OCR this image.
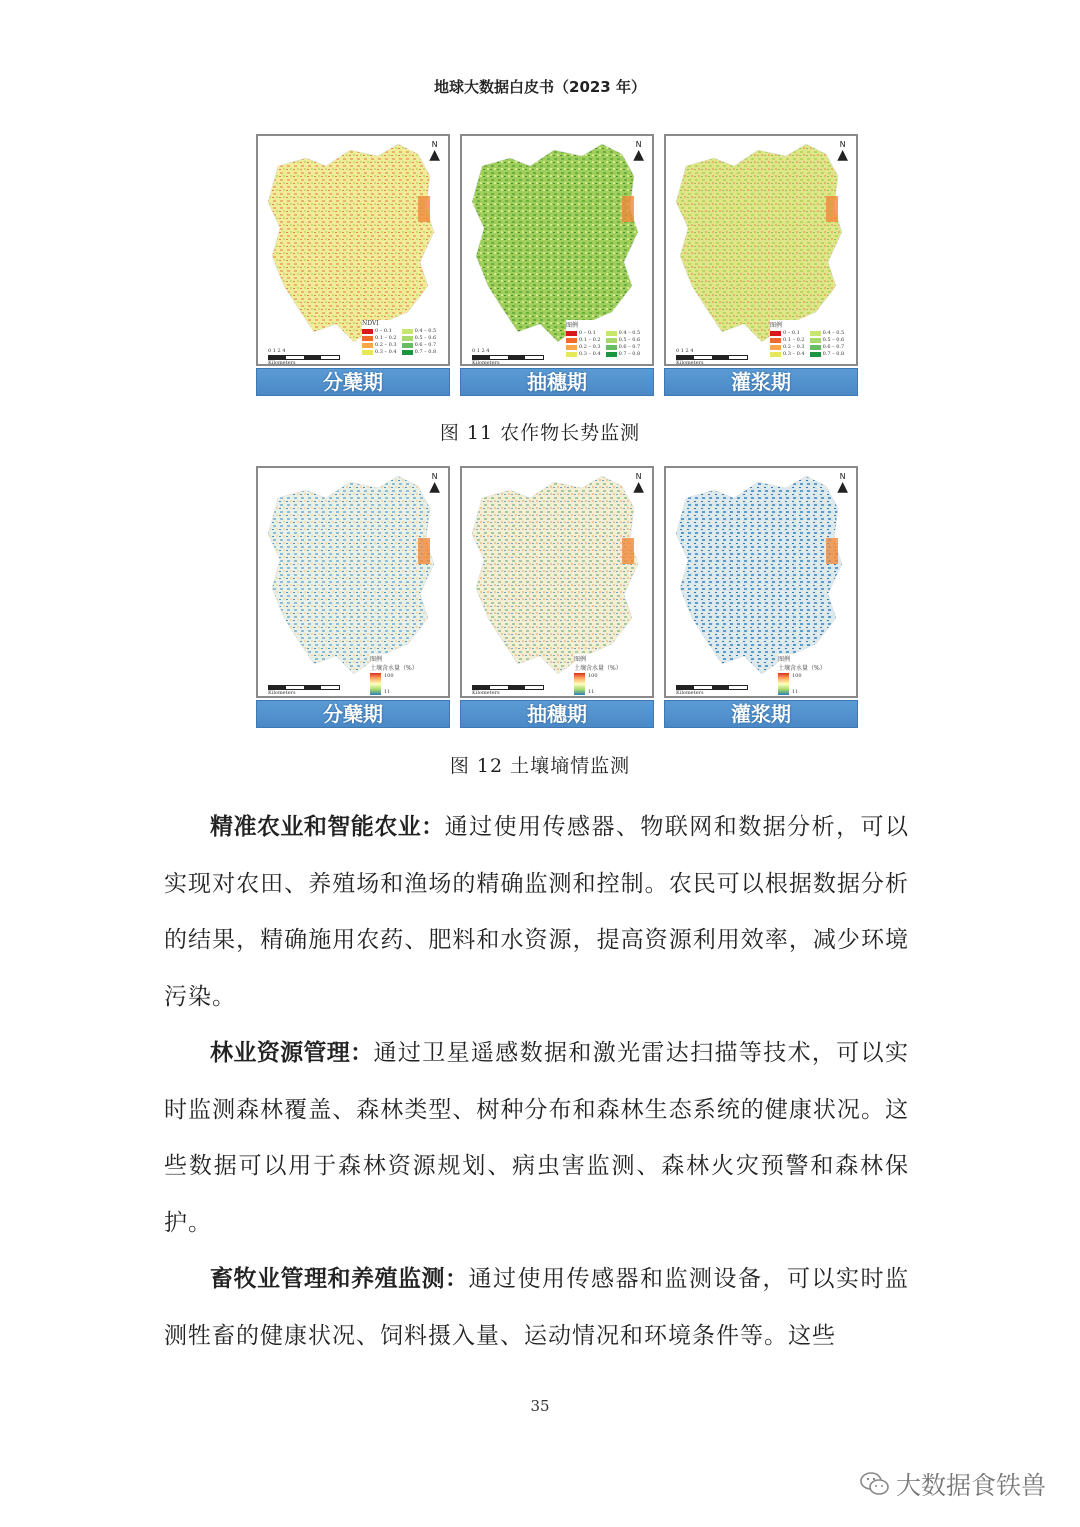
地球大数据白皮书（2023 年）
N
▲
NDVI
0 – 0.1	0.4 – 0.5
0.1 – 0.2	0.5 – 0.6
0.2 – 0.3	0.6 – 0.7
0.3 – 0.4	0.7 – 0.8
0 1 2 4
Kilometers
分蘖期
N
▲
图例
0 – 0.1	0.4 – 0.5
0.1 – 0.2	0.5 – 0.6
0.2 – 0.3	0.6 – 0.7
0.3 – 0.4	0.7 – 0.8
0 1 2 4
Kilometers
抽穗期
N
▲
图例
0 – 0.1	0.4 – 0.5
0.1 – 0.2	0.5 – 0.6
0.2 – 0.3	0.6 – 0.7
0.3 – 0.4	0.7 – 0.8
0 1 2 4
Kilometers
灌浆期
图 11 农作物长势监测
N
▲
图例
土壤含水量（%）
100
11
Kilometers
分蘖期
N
▲
图例
土壤含水量（%）
100
11
Kilometers
抽穗期
N
▲
图例
土壤含水量（%）
100
11
Kilometers
灌浆期
图 12 土壤墒情监测
精准农业和智能农业：通过使用传感器、物联网和数据分析，可以实现对农田、养殖场和渔场的精确监测和控制。农民可以根据数据分析的结果，精确施用农药、肥料和水资源，提高资源利用效率，减少环境污染。
林业资源管理：通过卫星遥感数据和激光雷达扫描等技术，可以实时监测森林覆盖、森林类型、树种分布和森林生态系统的健康状况。这些数据可以用于森林资源规划、病虫害监测、森林火灾预警和森林保护。
畜牧业管理和养殖监测：通过使用传感器和监测设备，可以实时监测牲畜的健康状况、饲料摄入量、运动情况和环境条件等。这些
35
大数据食铁兽
